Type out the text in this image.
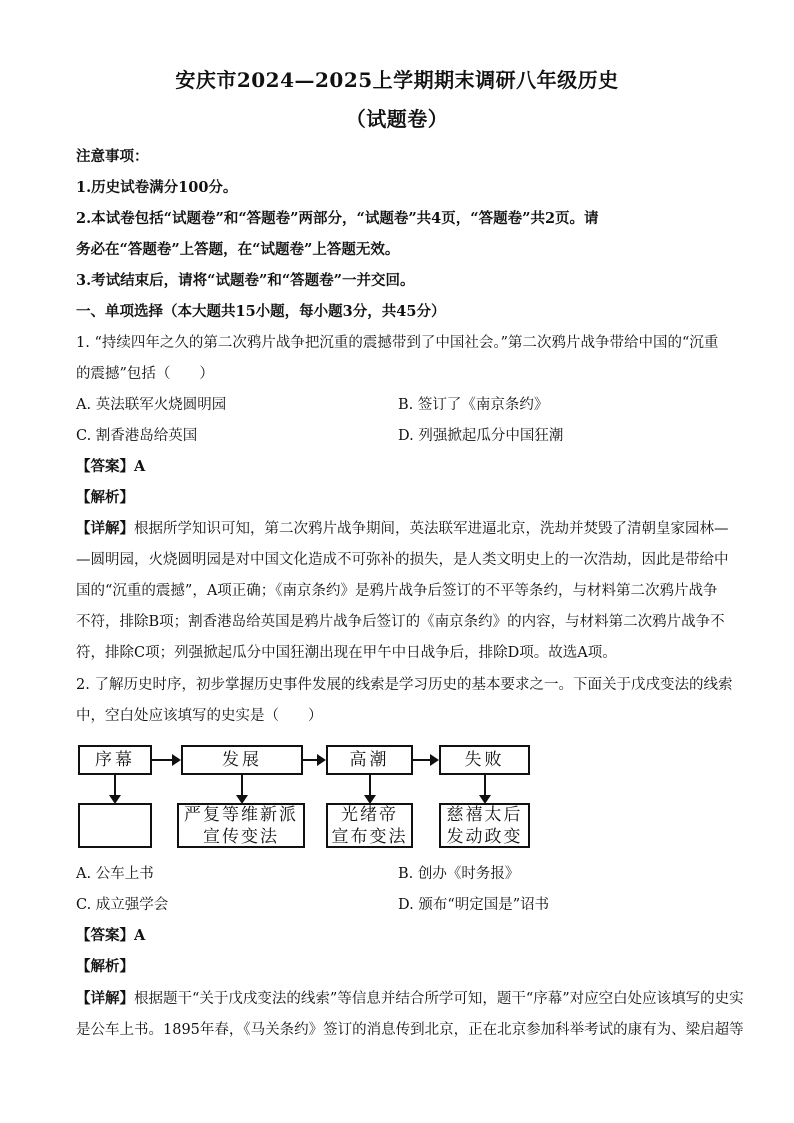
安庆市2024—2025上学期期末调研八年级历史
（试题卷）
注意事项：
1.历史试卷满分100分。
2.本试卷包括“试题卷”和“答题卷”两部分，“试题卷”共4页，“答题卷”共2页。请
务必在“答题卷”上答题，在“试题卷”上答题无效。
3.考试结束后，请将“试题卷”和“答题卷”一并交回。
一、单项选择（本大题共15小题，每小题3分，共45分）
1. “持续四年之久的第二次鸦片战争把沉重的震撼带到了中国社会。”第二次鸦片战争带给中国的“沉重
的震撼”包括（　　）
A. 英法联军火烧圆明园	B. 签订了《南京条约》
C. 割香港岛给英国	D. 列强掀起瓜分中国狂潮
【答案】A
【解析】
【详解】根据所学知识可知，第二次鸦片战争期间，英法联军进逼北京，洗劫并焚毁了清朝皇家园林—
—圆明园，火烧圆明园是对中国文化造成不可弥补的损失，是人类文明史上的一次浩劫，因此是带给中
国的“沉重的震撼”，A项正确；《南京条约》是鸦片战争后签订的不平等条约，与材料第二次鸦片战争
不符，排除B项；割香港岛给英国是鸦片战争后签订的《南京条约》的内容，与材料第二次鸦片战争不
符，排除C项；列强掀起瓜分中国狂潮出现在甲午中日战争后，排除D项。故选A项。
2. 了解历史时序，初步掌握历史事件发展的线索是学习历史的基本要求之一。下面关于戊戌变法的线索
中，空白处应该填写的史实是（　　）
序幕	发展	高潮	失败
严复等维新派
宣传变法
光绪帝
宣布变法
慈禧太后
发动政变
A. 公车上书	B. 创办《时务报》
C. 成立强学会	D. 颁布“明定国是”诏书
【答案】A
【解析】
【详解】根据题干“关于戊戌变法的线索”等信息并结合所学可知，题干“序幕”对应空白处应该填写的史实
是公车上书。1895年春，《马关条约》签订的消息传到北京，正在北京参加科举考试的康有为、梁启超等
